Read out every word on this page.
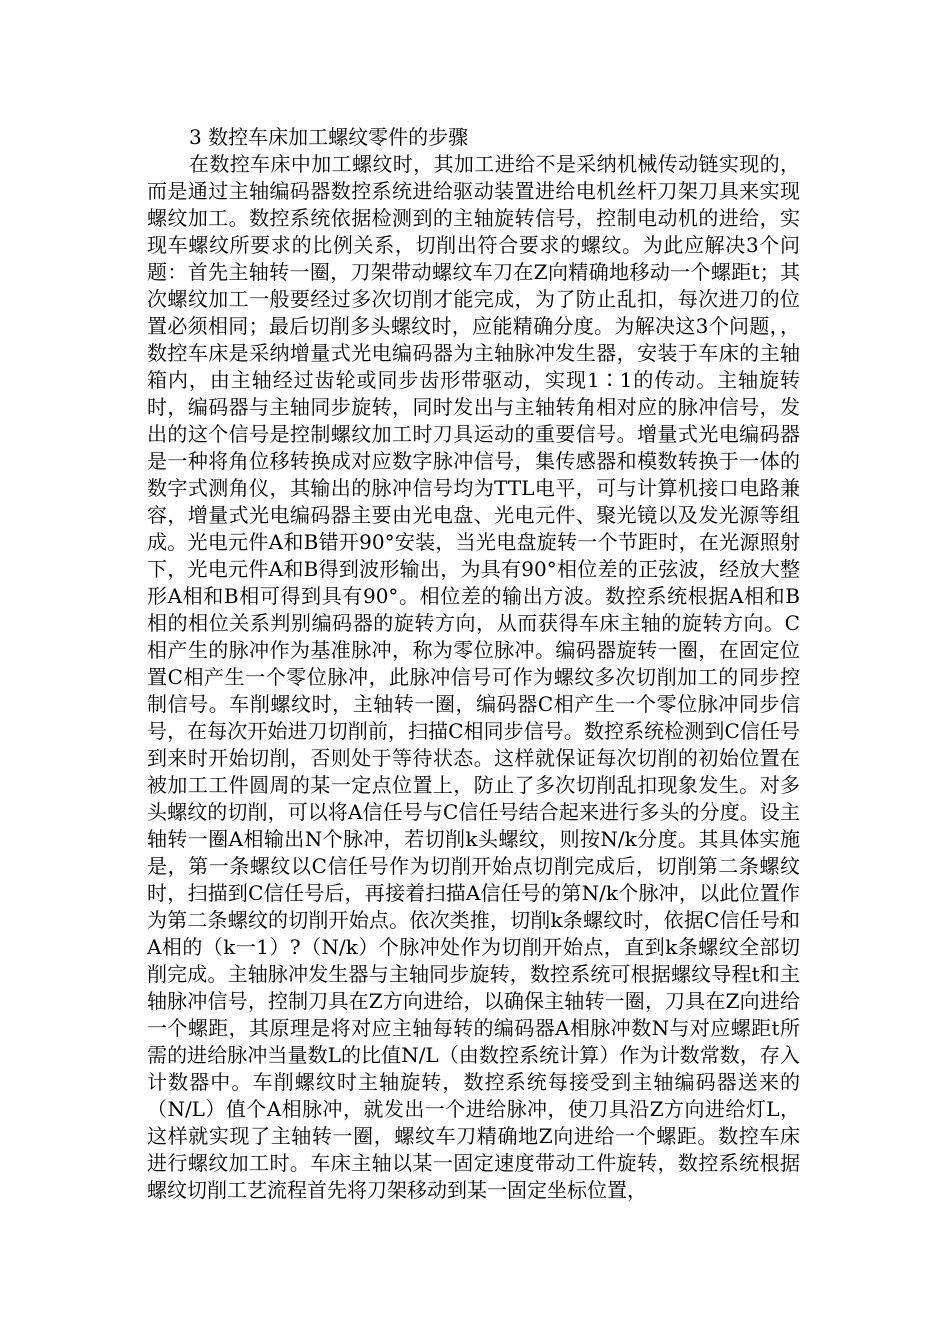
3 数控车床加工螺纹零件的步骤

在数控车床中加工螺纹时，其加工进给不是采纳机械传动链实现的，而是通过主轴编码器数控系统进给驱动装置进给电机丝杆刀架刀具来实现螺纹加工。数控系统依据检测到的主轴旋转信号，控制电动机的进给，实现车螺纹所要求的比例关系，切削出符合要求的螺纹。为此应解决3个问题：首先主轴转一圈，刀架带动螺纹车刀在Z向精确地移动一个螺距t；其次螺纹加工一般要经过多次切削才能完成，为了防止乱扣，每次进刀的位置必须相同；最后切削多头螺纹时，应能精确分度。为解决这3个问题，，数控车床是采纳增量式光电编码器为主轴脉冲发生器，安装于车床的主轴箱内，由主轴经过齿轮或同步齿形带驱动，实现1∶1的传动。主轴旋转时，编码器与主轴同步旋转，同时发出与主轴转角相对应的脉冲信号，发出的这个信号是控制螺纹加工时刀具运动的重要信号。增量式光电编码器是一种将角位移转换成对应数字脉冲信号，集传感器和模数转换于一体的数字式测角仪，其输出的脉冲信号均为TTL电平，可与计算机接口电路兼容，增量式光电编码器主要由光电盘、光电元件、聚光镜以及发光源等组成。光电元件A和B错开90°安装，当光电盘旋转一个节距时，在光源照射下，光电元件A和B得到波形输出，为具有90°相位差的正弦波，经放大整形A相和B相可得到具有90°。相位差的输出方波。数控系统根据A相和B相的相位关系判别编码器的旋转方向，从而获得车床主轴的旋转方向。C相产生的脉冲作为基准脉冲，称为零位脉冲。编码器旋转一圈，在固定位置C相产生一个零位脉冲，此脉冲信号可作为螺纹多次切削加工的同步控制信号。车削螺纹时，主轴转一圈，编码器C相产生一个零位脉冲同步信号，在每次开始进刀切削前，扫描C相同步信号。数控系统检测到C信任号到来时开始切削，否则处于等待状态。这样就保证每次切削的初始位置在被加工工件圆周的某一定点位置上，防止了多次切削乱扣现象发生。对多头螺纹的切削，可以将A信任号与C信任号结合起来进行多头的分度。设主轴转一圈A相输出N个脉冲，若切削k头螺纹，则按N/k分度。其具体实施是，第一条螺纹以C信任号作为切削开始点切削完成后，切削第二条螺纹时，扫描到C信任号后，再接着扫描A信任号的第N/k个脉冲，以此位置作为第二条螺纹的切削开始点。依次类推，切削k条螺纹时，依据C信任号和A相的（k一1）?（N/k）个脉冲处作为切削开始点，直到k条螺纹全部切削完成。主轴脉冲发生器与主轴同步旋转，数控系统可根据螺纹导程t和主轴脉冲信号，控制刀具在Z方向进给，以确保主轴转一圈，刀具在Z向进给一个螺距，其原理是将对应主轴每转的编码器A相脉冲数N与对应螺距t所需的进给脉冲当量数L的比值N/L（由数控系统计算）作为计数常数，存入计数器中。车削螺纹时主轴旋转，数控系统每接受到主轴编码器送来的（N/L）值个A相脉冲，就发出一个进给脉冲，使刀具沿Z方向进给灯L，这样就实现了主轴转一圈，螺纹车刀精确地Z向进给一个螺距。数控车床进行螺纹加工时。车床主轴以某一固定速度带动工件旋转，数控系统根据螺纹切削工艺流程首先将刀架移动到某一固定坐标位置，
